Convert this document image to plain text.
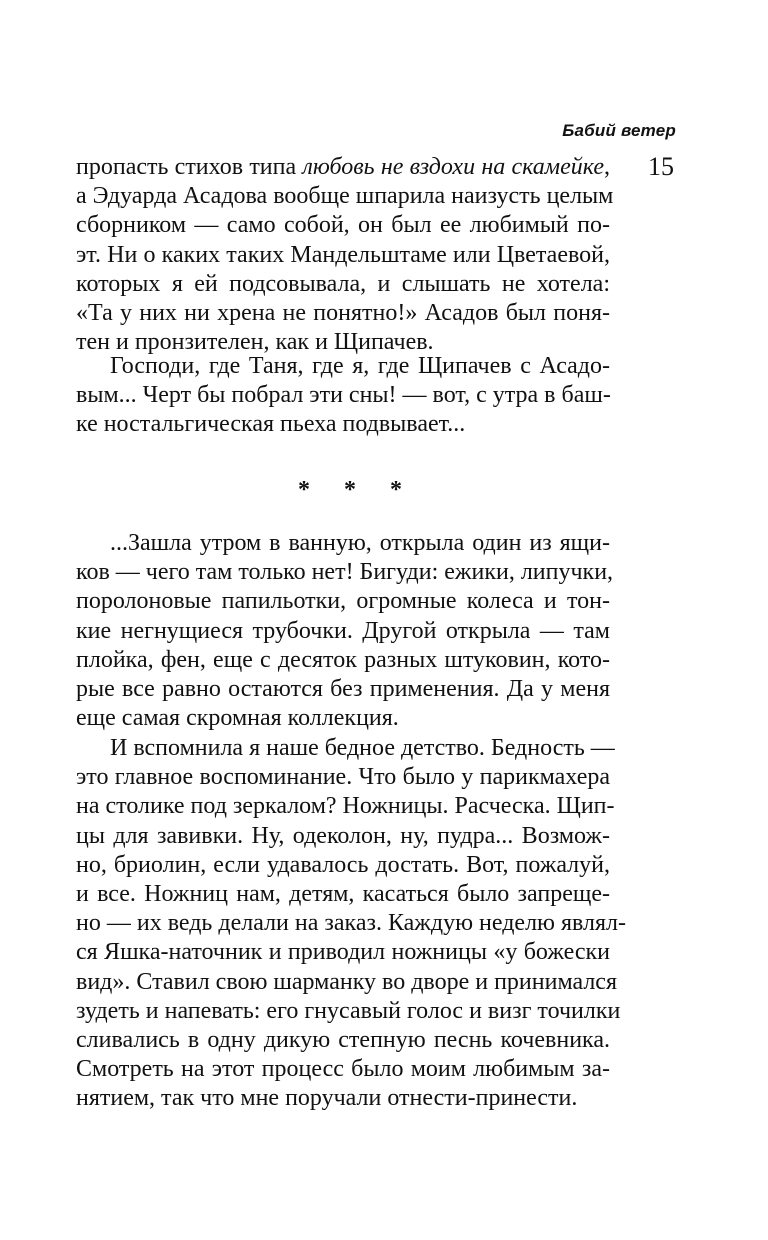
Бабий ветер
15
пропасть стихов типа любовь не вздохи на скамейке,
а Эдуарда Асадова вообще шпарила наизусть целым
сборником — само собой, он был ее любимый по-
эт. Ни о каких таких Мандельштаме или Цветаевой,
которых я ей подсовывала, и слышать не хотела:
«Та у них ни хрена не понятно!» Асадов был поня-
тен и пронзителен, как и Щипачев.
Господи, где Таня, где я, где Щипачев с Асадо-
вым... Черт бы побрал эти сны! — вот, с утра в баш-
ке ностальгическая пьеха подвывает...
* * *
...Зашла утром в ванную, открыла один из ящи-
ков — чего там только нет! Бигуди: ежики, липучки,
поролоновые папильотки, огромные колеса и тон-
кие негнущиеся трубочки. Другой открыла — там
плойка, фен, еще с десяток разных штуковин, кото-
рые все равно остаются без применения. Да у меня
еще самая скромная коллекция.
И вспомнила я наше бедное детство. Бедность —
это главное воспоминание. Что было у парикмахера
на столике под зеркалом? Ножницы. Расческа. Щип-
цы для завивки. Ну, одеколон, ну, пудра... Возмож-
но, бриолин, если удавалось достать. Вот, пожалуй,
и все. Ножниц нам, детям, касаться было запреще-
но — их ведь делали на заказ. Каждую неделю являл-
ся Яшка-наточник и приводил ножницы «у божески
вид». Ставил свою шарманку во дворе и принимался
зудеть и напевать: его гнусавый голос и визг точилки
сливались в одну дикую степную песнь кочевника.
Смотреть на этот процесс было моим любимым за-
нятием, так что мне поручали отнести-принести.
